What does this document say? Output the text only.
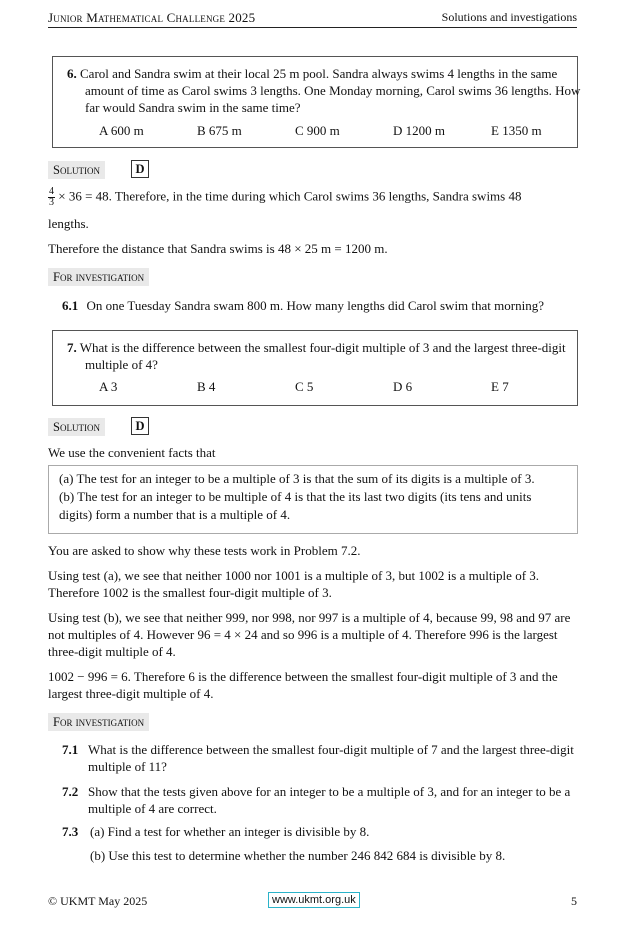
Junior Mathematical Challenge 2025	Solutions and investigations
6. Carol and Sandra swim at their local 25 m pool. Sandra always swims 4 lengths in the same amount of time as Carol swims 3 lengths. One Monday morning, Carol swims 36 lengths. How far would Sandra swim in the same time?
A 600 m	B 675 m	C 900 m	D 1200 m	E 1350 m
Solution	D
$\frac{4}{3} \times 36 = 48$. Therefore, in the time during which Carol swims 36 lengths, Sandra swims 48
lengths.
Therefore the distance that Sandra swims is 48 × 25 m = 1200 m.
For investigation
6.1 On one Tuesday Sandra swam 800 m. How many lengths did Carol swim that morning?
7. What is the difference between the smallest four-digit multiple of 3 and the largest three-digit multiple of 4?
A 3	B 4	C 5	D 6	E 7
Solution	D
We use the convenient facts that
(a) The test for an integer to be a multiple of 3 is that the sum of its digits is a multiple of 3.
(b) The test for an integer to be multiple of 4 is that the its last two digits (its tens and units digits) form a number that is a multiple of 4.
You are asked to show why these tests work in Problem 7.2.
Using test (a), we see that neither 1000 nor 1001 is a multiple of 3, but 1002 is a multiple of 3. Therefore 1002 is the smallest four-digit multiple of 3.
Using test (b), we see that neither 999, nor 998, nor 997 is a multiple of 4, because 99, 98 and 97 are not multiples of 4. However 96 = 4 × 24 and so 996 is a multiple of 4. Therefore 996 is the largest three-digit multiple of 4.
1002 − 996 = 6. Therefore 6 is the difference between the smallest four-digit multiple of 3 and the largest three-digit multiple of 4.
For investigation
7.1 What is the difference between the smallest four-digit multiple of 7 and the largest three-digit multiple of 11?
7.2 Show that the tests given above for an integer to be a multiple of 3, and for an integer to be a multiple of 4 are correct.
7.3 (a) Find a test for whether an integer is divisible by 8.
(b) Use this test to determine whether the number 246 842 684 is divisible by 8.
© UKMT May 2025	www.ukmt.org.uk	5
